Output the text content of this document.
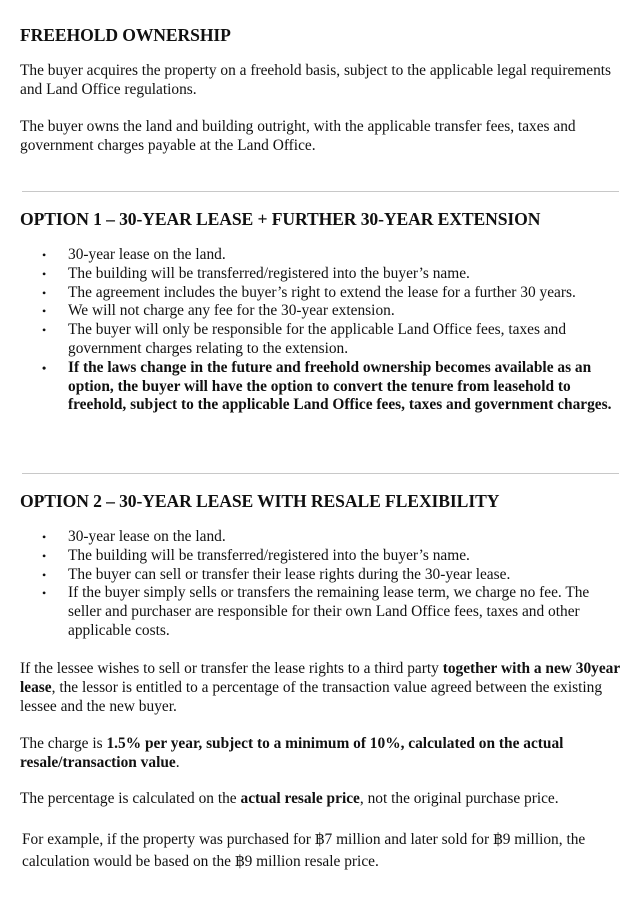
FREEHOLD OWNERSHIP

The buyer acquires the property on a freehold basis, subject to the applicable legal requirements and Land Office regulations.

The buyer owns the land and building outright, with the applicable transfer fees, taxes and government charges payable at the Land Office.

OPTION 1 – 30-YEAR LEASE + FURTHER 30-YEAR EXTENSION
•	30-year lease on the land.
•	The building will be transferred/registered into the buyer’s name.
•	The agreement includes the buyer’s right to extend the lease for a further 30 years.
•	We will not charge any fee for the 30-year extension.
•	The buyer will only be responsible for the applicable Land Office fees, taxes and government charges relating to the extension.
•	If the laws change in the future and freehold ownership becomes available as an option, the buyer will have the option to convert the tenure from leasehold to freehold, subject to the applicable Land Office fees, taxes and government charges.
OPTION 2 – 30-YEAR LEASE WITH RESALE FLEXIBILITY
•	30-year lease on the land.
•	The building will be transferred/registered into the buyer’s name.
•	The buyer can sell or transfer their lease rights during the 30-year lease.
•	If the buyer simply sells or transfers the remaining lease term, we charge no fee. The seller and purchaser are responsible for their own Land Office fees, taxes and other applicable costs.

If the lessee wishes to sell or transfer the lease rights to a third party together with a new 30year lease, the lessor is entitled to a percentage of the transaction value agreed between the existing lessee and the new buyer.

The charge is 1.5% per year, subject to a minimum of 10%, calculated on the actual resale/transaction value.

The percentage is calculated on the actual resale price, not the original purchase price.

For example, if the property was purchased for ฿7 million and later sold for ฿9 million, the calculation would be based on the ฿9 million resale price.
